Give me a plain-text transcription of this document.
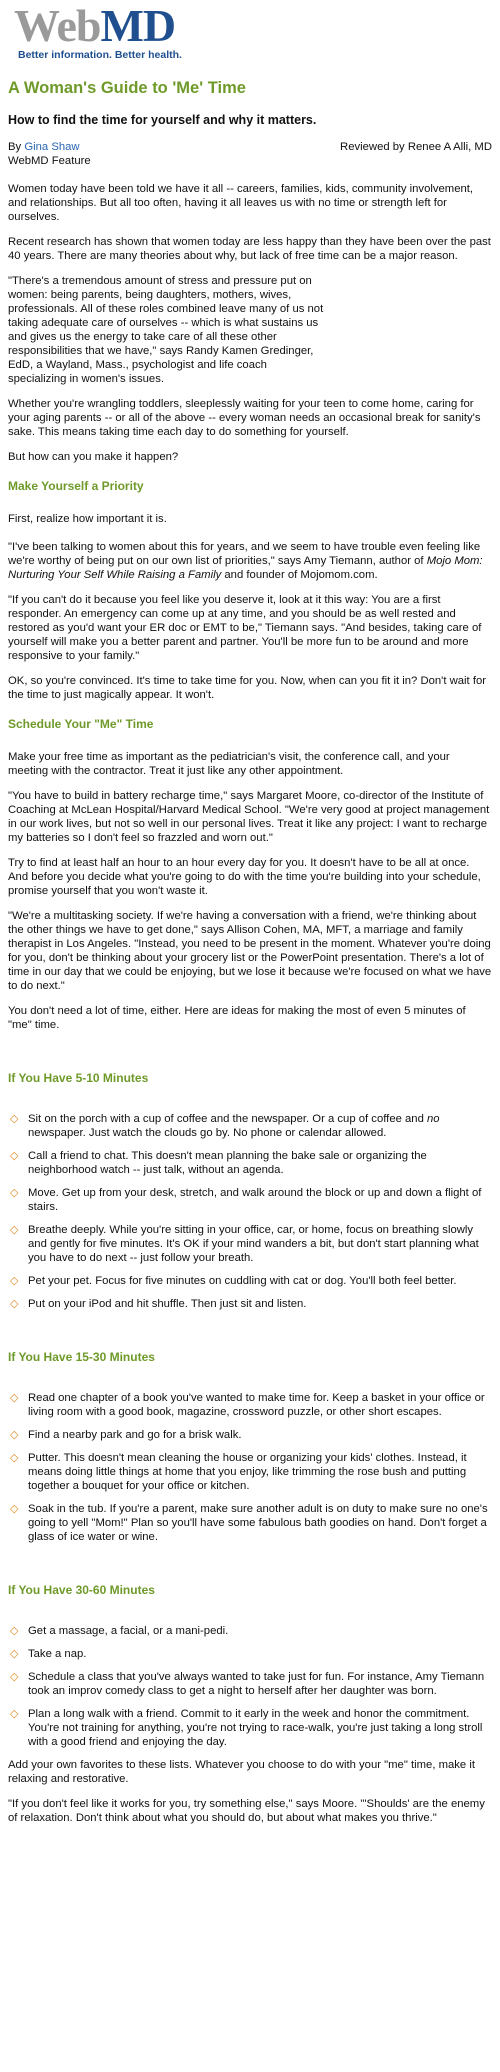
WebMD
Better information. Better health.
A Woman's Guide to 'Me' Time
How to find the time for yourself and why it matters.
By Gina Shaw	Reviewed by Renee A Alli, MD
WebMD Feature

Women today have been told we have it all -- careers, families, kids, community involvement, and relationships. But all too often, having it all leaves us with no time or strength left for ourselves.

Recent research has shown that women today are less happy than they have been over the past 40 years. There are many theories about why, but lack of free time can be a major reason.

"There's a tremendous amount of stress and pressure put on women: being parents, being daughters, mothers, wives, professionals. All of these roles combined leave many of us not taking adequate care of ourselves -- which is what sustains us and gives us the energy to take care of all these other responsibilities that we have," says Randy Kamen Gredinger, EdD, a Wayland, Mass., psychologist and life coach specializing in women's issues.

Whether you're wrangling toddlers, sleeplessly waiting for your teen to come home, caring for your aging parents -- or all of the above -- every woman needs an occasional break for sanity's sake. This means taking time each day to do something for yourself.

But how can you make it happen?

Make Yourself a Priority

First, realize how important it is.

"I've been talking to women about this for years, and we seem to have trouble even feeling like we're worthy of being put on our own list of priorities," says Amy Tiemann, author of Mojo Mom: Nurturing Your Self While Raising a Family and founder of Mojomom.com.

"If you can't do it because you feel like you deserve it, look at it this way: You are a first responder. An emergency can come up at any time, and you should be as well rested and restored as you'd want your ER doc or EMT to be," Tiemann says. "And besides, taking care of yourself will make you a better parent and partner. You'll be more fun to be around and more responsive to your family."

OK, so you're convinced. It's time to take time for you. Now, when can you fit it in? Don't wait for the time to just magically appear. It won't.

Schedule Your "Me" Time

Make your free time as important as the pediatrician's visit, the conference call, and your meeting with the contractor. Treat it just like any other appointment.

"You have to build in battery recharge time," says Margaret Moore, co-director of the Institute of Coaching at McLean Hospital/Harvard Medical School. "We're very good at project management in our work lives, but not so well in our personal lives. Treat it like any project: I want to recharge my batteries so I don't feel so frazzled and worn out."

Try to find at least half an hour to an hour every day for you. It doesn't have to be all at once. And before you decide what you're going to do with the time you're building into your schedule, promise yourself that you won't waste it.

"We're a multitasking society. If we're having a conversation with a friend, we're thinking about the other things we have to get done," says Allison Cohen, MA, MFT, a marriage and family therapist in Los Angeles. "Instead, you need to be present in the moment. Whatever you're doing for you, don't be thinking about your grocery list or the PowerPoint presentation. There's a lot of time in our day that we could be enjoying, but we lose it because we're focused on what we have to do next."

You don't need a lot of time, either. Here are ideas for making the most of even 5 minutes of "me" time.

If You Have 5-10 Minutes
◇ Sit on the porch with a cup of coffee and the newspaper. Or a cup of coffee and no newspaper. Just watch the clouds go by. No phone or calendar allowed.
◇ Call a friend to chat. This doesn't mean planning the bake sale or organizing the neighborhood watch -- just talk, without an agenda.
◇ Move. Get up from your desk, stretch, and walk around the block or up and down a flight of stairs.
◇ Breathe deeply. While you're sitting in your office, car, or home, focus on breathing slowly and gently for five minutes. It's OK if your mind wanders a bit, but don't start planning what you have to do next -- just follow your breath.
◇ Pet your pet. Focus for five minutes on cuddling with cat or dog. You'll both feel better.
◇ Put on your iPod and hit shuffle. Then just sit and listen.
If You Have 15-30 Minutes
◇ Read one chapter of a book you've wanted to make time for. Keep a basket in your office or living room with a good book, magazine, crossword puzzle, or other short escapes.
◇ Find a nearby park and go for a brisk walk.
◇ Putter. This doesn't mean cleaning the house or organizing your kids' clothes. Instead, it means doing little things at home that you enjoy, like trimming the rose bush and putting together a bouquet for your office or kitchen.
◇ Soak in the tub. If you're a parent, make sure another adult is on duty to make sure no one's going to yell "Mom!" Plan so you'll have some fabulous bath goodies on hand. Don't forget a glass of ice water or wine.
If You Have 30-60 Minutes
◇ Get a massage, a facial, or a mani-pedi.
◇ Take a nap.
◇ Schedule a class that you've always wanted to take just for fun. For instance, Amy Tiemann took an improv comedy class to get a night to herself after her daughter was born.
◇ Plan a long walk with a friend. Commit to it early in the week and honor the commitment. You're not training for anything, you're not trying to race-walk, you're just taking a long stroll with a good friend and enjoying the day.

Add your own favorites to these lists. Whatever you choose to do with your "me" time, make it relaxing and restorative.

"If you don't feel like it works for you, try something else," says Moore. "'Shoulds' are the enemy of relaxation. Don't think about what you should do, but about what makes you thrive."
